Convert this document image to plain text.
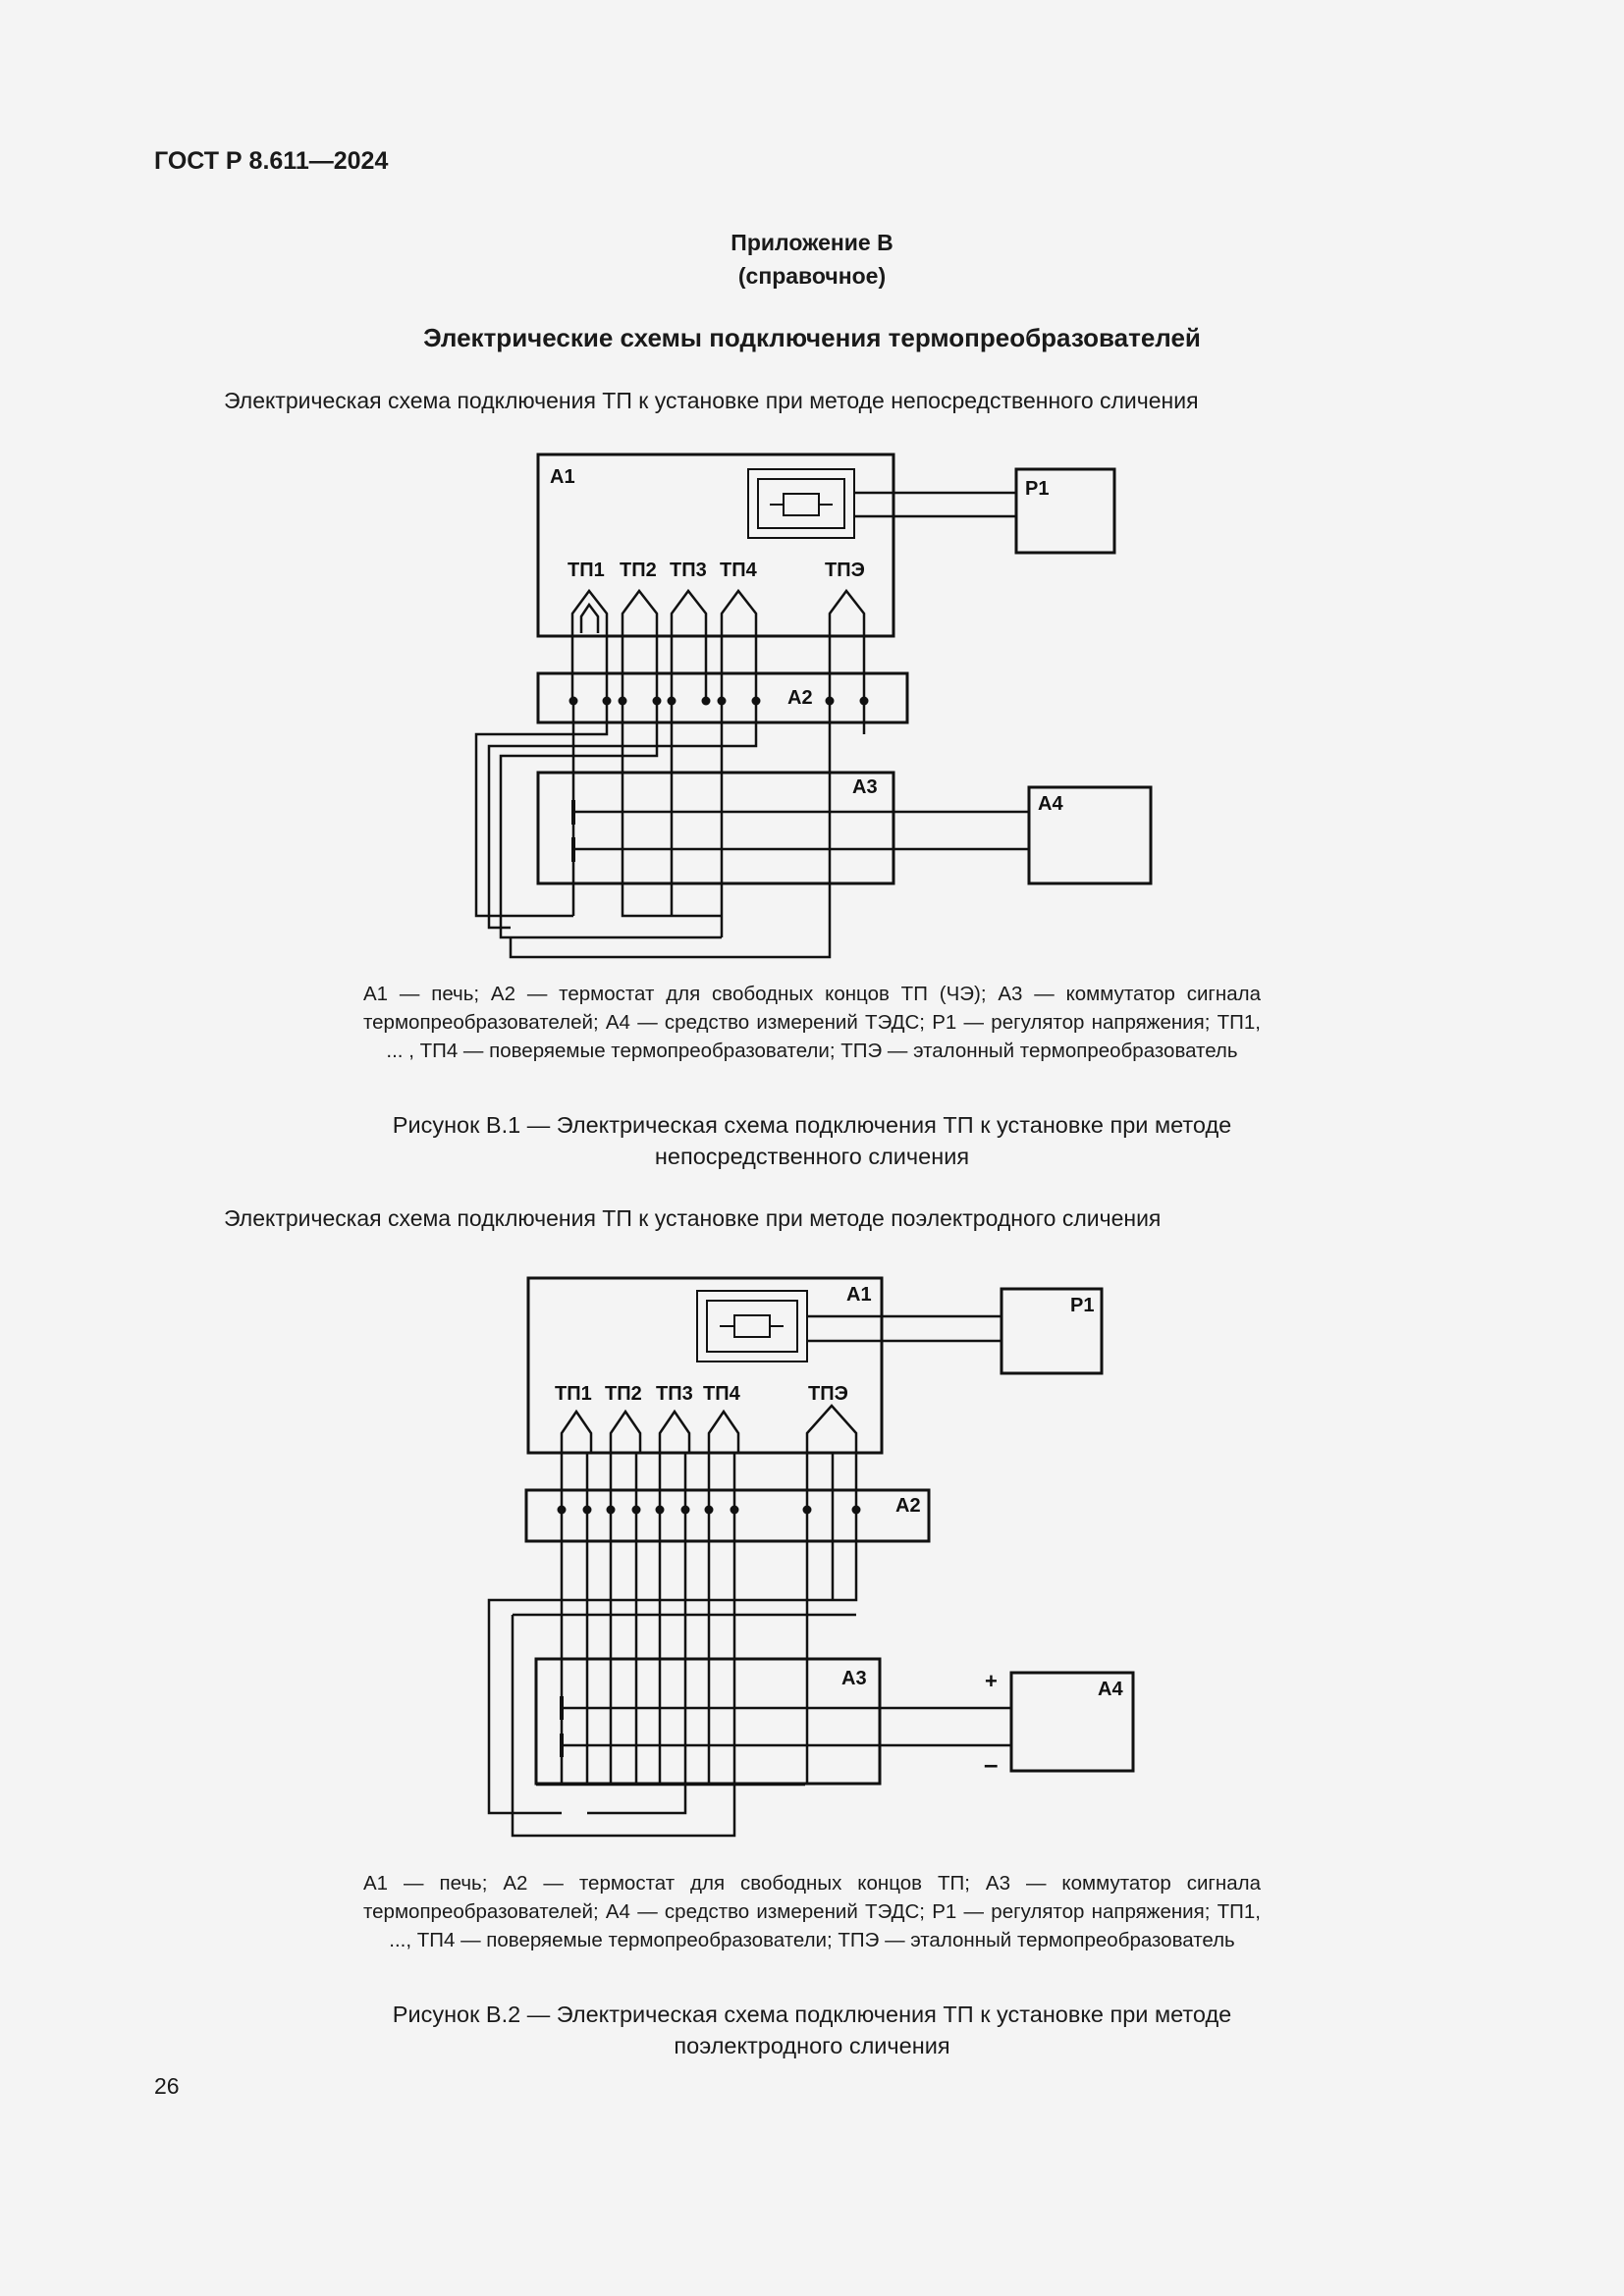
ГОСТ Р 8.611—2024
Приложение В
(справочное)
Электрические схемы подключения термопреобразователей
Электрическая схема подключения ТП к установке при методе непосредственного сличения
А1
Р1
ТП1 ТП2 ТП3 ТП4	ТПЭ
А2
А3
А4
А1 — печь; А2 — термостат для свободных концов ТП (ЧЭ); А3 — коммутатор сигнала термопреобразователей; А4 — средство измерений ТЭДС; Р1 — регулятор напряжения; ТП1, ... , ТП4 — поверяемые термопреобразователи; ТПЭ — эталонный термопреобразователь
Рисунок В.1 — Электрическая схема подключения ТП к установке при методе
непосредственного сличения
Электрическая схема подключения ТП к установке при методе поэлектродного сличения
А1	Р1
ТП1 ТП2 ТП3 ТП4	ТПЭ
А2
А3	А4
+
–
А1 — печь; А2 — термостат для свободных концов ТП; А3 — коммутатор сигнала термопреобразователей; А4 — средство измерений ТЭДС; Р1 — регулятор напряжения; ТП1, ..., ТП4 — поверяемые термопреобразователи; ТПЭ — эталонный термопреобразователь
Рисунок В.2 — Электрическая схема подключения ТП к установке при методе
поэлектродного сличения
26
